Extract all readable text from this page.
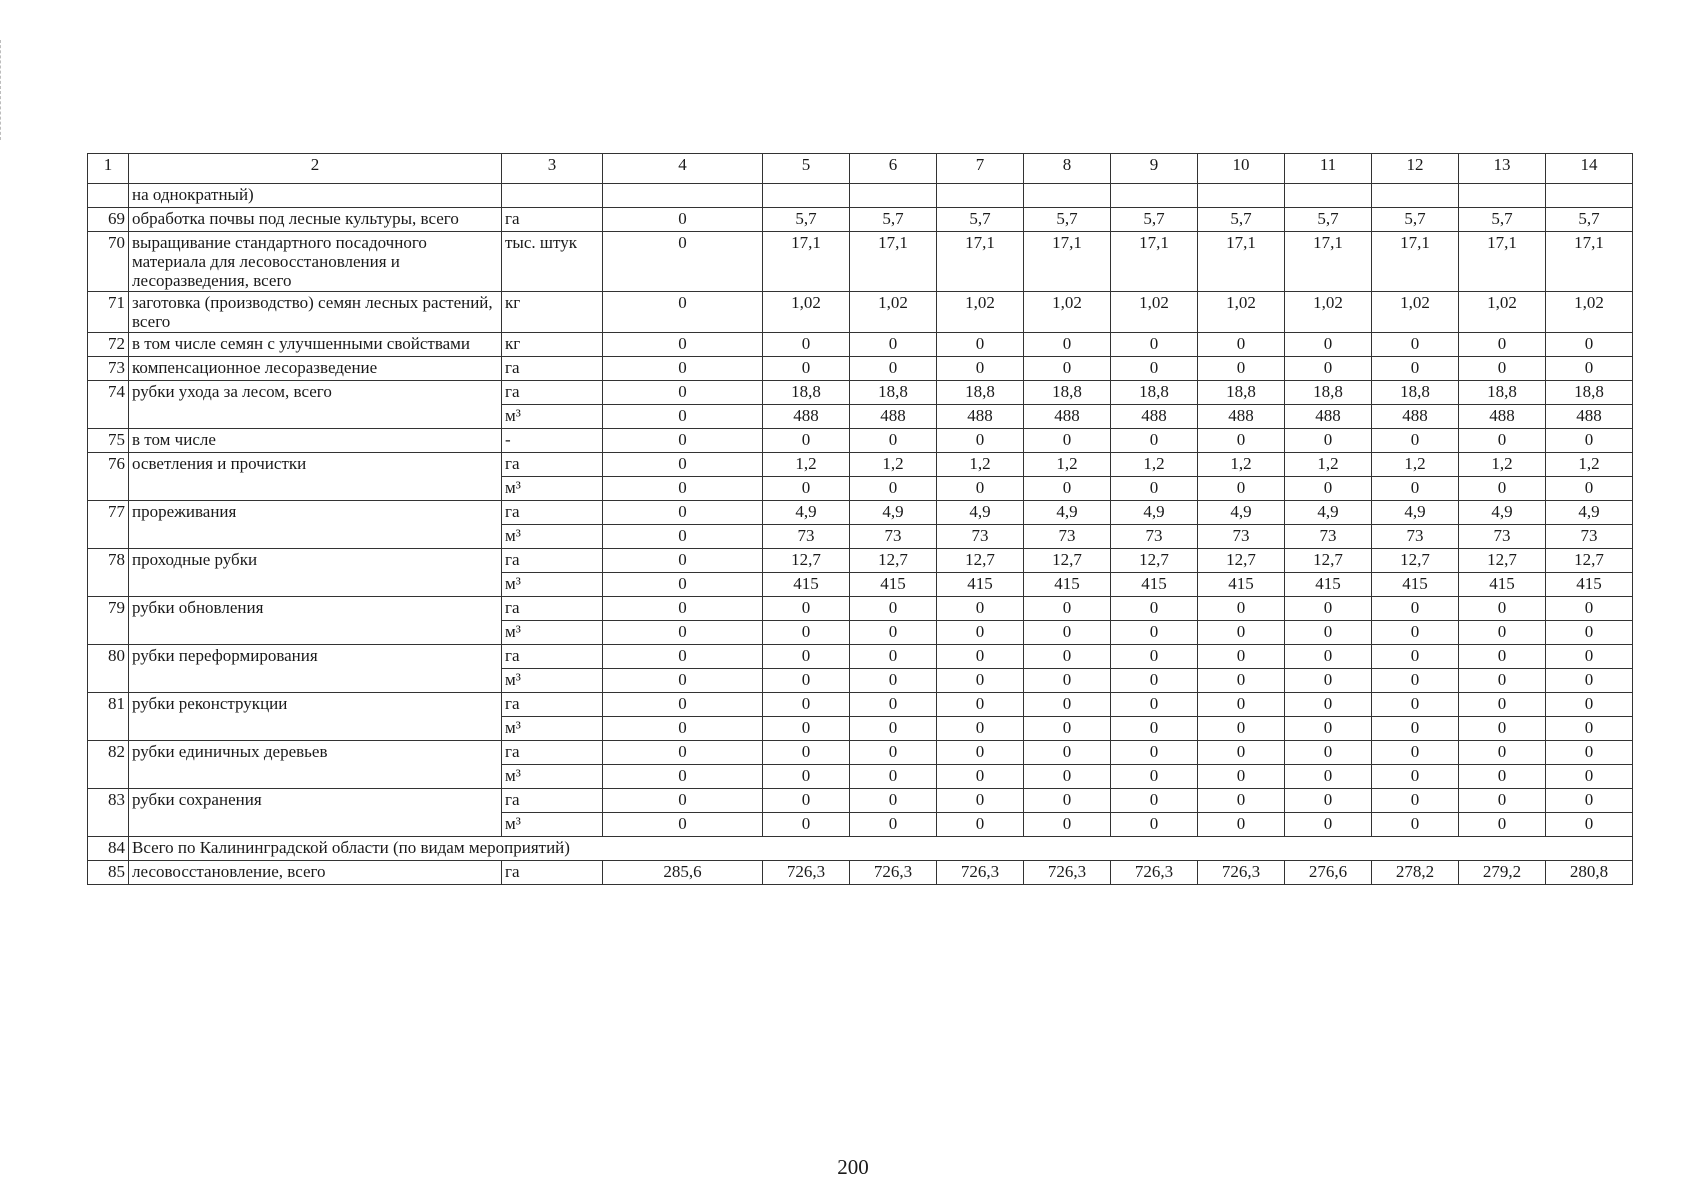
1	2	3	4	5	6	7	8	9	10	11	12	13	14
	на однократный)												
69	обработка почвы под лесные культуры, всего	га	0	5,7	5,7	5,7	5,7	5,7	5,7	5,7	5,7	5,7	5,7
70	выращивание стандартного посадочного материала для лесовосстановления и лесоразведения, всего	тыс. штук	0	17,1	17,1	17,1	17,1	17,1	17,1	17,1	17,1	17,1	17,1
71	заготовка (производство) семян лесных растений, всего	кг	0	1,02	1,02	1,02	1,02	1,02	1,02	1,02	1,02	1,02	1,02
72	в том числе семян с улучшенными свойствами	кг	0	0	0	0	0	0	0	0	0	0	0
73	компенсационное лесоразведение	га	0	0	0	0	0	0	0	0	0	0	0
74	рубки ухода за лесом, всего	га	0	18,8	18,8	18,8	18,8	18,8	18,8	18,8	18,8	18,8	18,8
		м³	0	488	488	488	488	488	488	488	488	488	488
75	в том числе	-	0	0	0	0	0	0	0	0	0	0	0
76	осветления и прочистки	га	0	1,2	1,2	1,2	1,2	1,2	1,2	1,2	1,2	1,2	1,2
		м³	0	0	0	0	0	0	0	0	0	0	0
77	прореживания	га	0	4,9	4,9	4,9	4,9	4,9	4,9	4,9	4,9	4,9	4,9
		м³	0	73	73	73	73	73	73	73	73	73	73
78	проходные рубки	га	0	12,7	12,7	12,7	12,7	12,7	12,7	12,7	12,7	12,7	12,7
		м³	0	415	415	415	415	415	415	415	415	415	415
79	рубки обновления	га	0	0	0	0	0	0	0	0	0	0	0
		м³	0	0	0	0	0	0	0	0	0	0	0
80	рубки переформирования	га	0	0	0	0	0	0	0	0	0	0	0
		м³	0	0	0	0	0	0	0	0	0	0	0
81	рубки реконструкции	га	0	0	0	0	0	0	0	0	0	0	0
		м³	0	0	0	0	0	0	0	0	0	0	0
82	рубки единичных деревьев	га	0	0	0	0	0	0	0	0	0	0	0
		м³	0	0	0	0	0	0	0	0	0	0	0
83	рубки сохранения	га	0	0	0	0	0	0	0	0	0	0	0
		м³	0	0	0	0	0	0	0	0	0	0	0
84	Всего по Калининградской области (по видам мероприятий)												
85	лесовосстановление, всего	га	285,6	726,3	726,3	726,3	726,3	726,3	726,3	276,6	278,2	279,2	280,8
200
